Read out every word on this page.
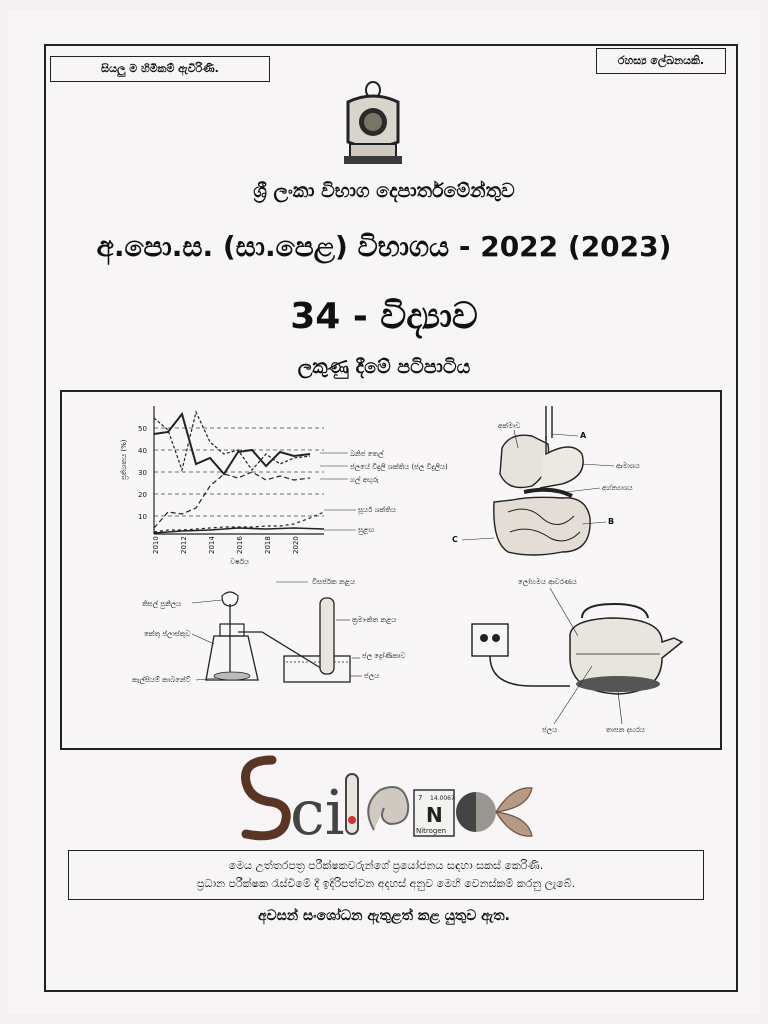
සියලු ම හිමිකම් ඇවිරිණි.
රහස්‍ය ලේඛනයකි.
ශ්‍රී ලංකා විභාග දෙපාර්තමේන්තුව
අ.පො.ස. (සා.පෙළ) විභාගය - 2022 (2023)
34 - විද්‍යාව
ලකුණු දීමේ පටිපාටිය
ප්‍රතිශතය (%)
50
40
30
20
10
2010	2012	2014	2016	2018	2020
වර්ෂය
ඛනිජ තෙල්
ජලයේ විදුලි ශක්තිය (ජල විදුලිය)
ගල් අඟුරු
සූර්ය ශක්තිය
සුළඟ
අක්මාව
A
ආමාශය
අග්න්‍යාශය
B
C
විසර්ජක නළය
තිසල් පුනීලය
ක්‍රමාංකිත නළය
කේතු ප්ලාස්කුව
ජල ද්‍රෝණිකාව
කැල්සියම් කාබනේට්	ජලය
ලෝහමය ආවරණය
ජලය	තාපන දඟරය
ci	7 14.0067
N
Nitrogen
මෙය උත්තරපත්‍ර පරීක්ෂකවරුන්ගේ ප්‍රයෝජනය සඳහා සකස් කෙරිණි.
ප්‍රධාන පරීක්ෂක රැස්වීමේ දී ඉදිරිපත්වන අදහස් අනුව මෙහි වෙනස්කම් කරනු ලැබේ.
අවසන් සංශෝධන ඇතුළත් කළ යුතුව ඇත.
